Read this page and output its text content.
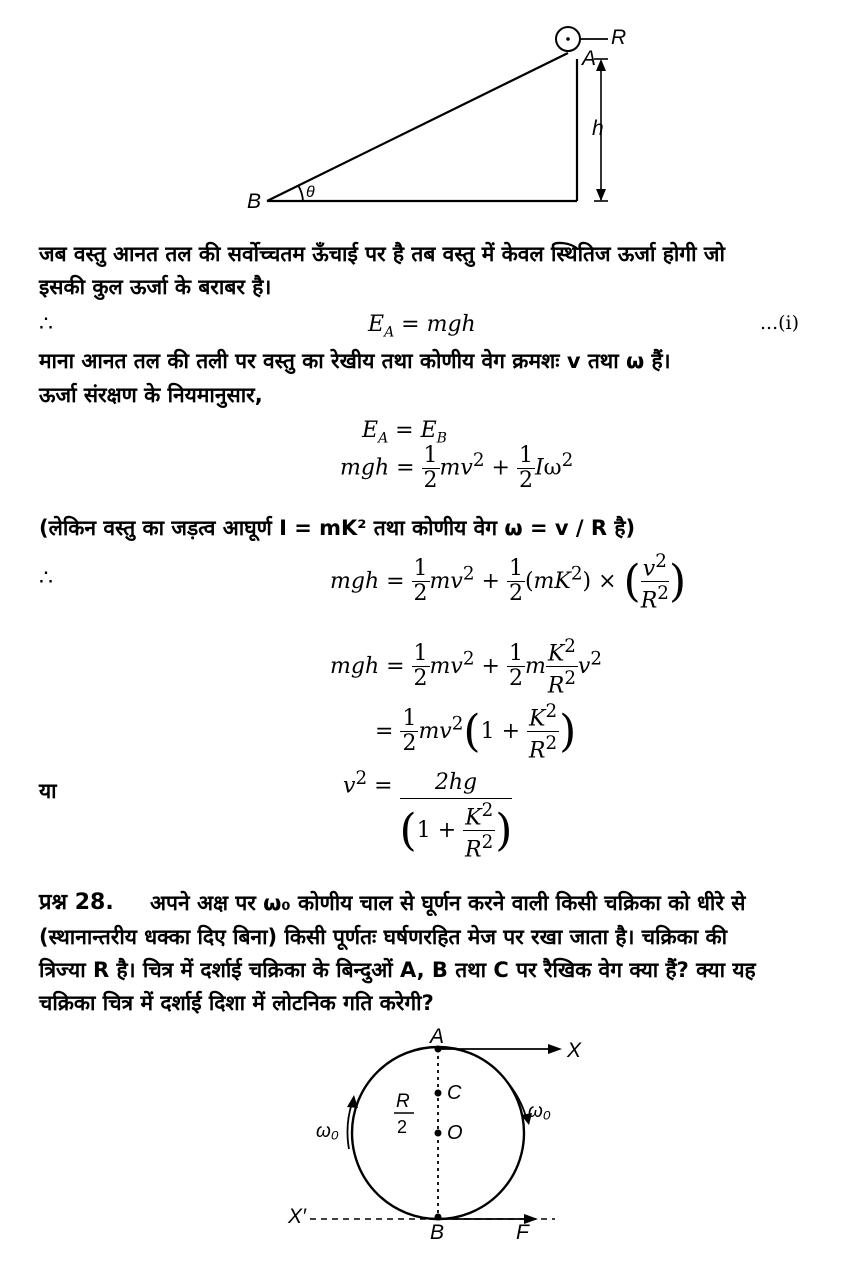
R
A
h
B	θ
जब वस्तु आनत तल की सर्वोच्चतम ऊँचाई पर है तब वस्तु में केवल स्थितिज ऊर्जा होगी जो
इसकी कुल ऊर्जा के बराबर है।
∴	$E_A$ = mgh	...(i)
माना आनत तल की तली पर वस्तु का रेखीय तथा कोणीय वेग क्रमशः v तथा ω हैं।
ऊर्जा संरक्षण के नियमानुसार,
$E_A = E_B$
mgh = $\frac{1}{2} mv^2 + \frac{1}{2} I\omega^2$
(लेकिन वस्तु का जड़त्व आघूर्ण I = mK² तथा कोणीय वेग ω = v / R है)
∴	mgh = $\frac{1}{2} mv^2 + \frac{1}{2} (mK^2)$ × ( $\frac{v^2}{R^2}$ )
mgh = $\frac{1}{2} mv^2 + \frac{1}{2}$ m $\frac{K^2}{R^2} v^2$
= $\frac{1}{2} mv^2(1 + \frac{K^2}{R^2}$ )
या	$v^2 = \frac{2hg}{(1 + \frac{K^2}{R^2} )}$
प्रश्न 28. अपने अक्ष पर ω₀ कोणीय चाल से घूर्णन करने वाली किसी चक्रिका को धीरे से
(स्थानान्तरीय धक्का दिए बिना) किसी पूर्णतः घर्षणरहित मेज पर रखा जाता है। चक्रिका की
त्रिज्या R है। चित्र में दर्शाई चक्रिका के बिन्दुओं A, B तथा C पर रैखिक वेग क्या हैं? क्या यह
चक्रिका चित्र में दर्शाई दिशा में लोटनिक गति करेगी?
A
X
C
O
R
2
ω₀
ω₀
X′
B	F
